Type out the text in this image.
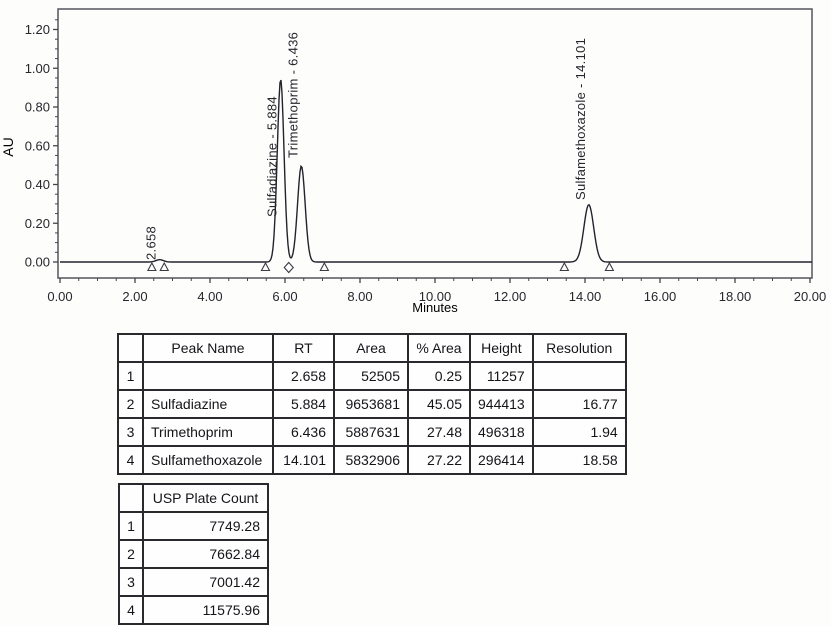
0.00	2.00	4.00	6.00	8.00	10.00	12.00	14.00	16.00	18.00	20.00
0.00
0.20
0.40
0.60
0.80
1.00
1.20
2.658
Sulfadiazine - 5.884 Trimethoprim - 6.436	Sulfamethoxazole - 14.101
AU
Minutes
	Peak Name	RT	Area	% Area	Height	Resolution
1		2.658	52505	0.25	11257	
2	Sulfadiazine	5.884	9653681	45.05	944413	16.77
3	Trimethoprim	6.436	5887631	27.48	496318	1.94
4	Sulfamethoxazole	14.101	5832906	27.22	296414	18.58
	USP Plate Count
1	7749.28
2	7662.84
3	7001.42
4	11575.96
